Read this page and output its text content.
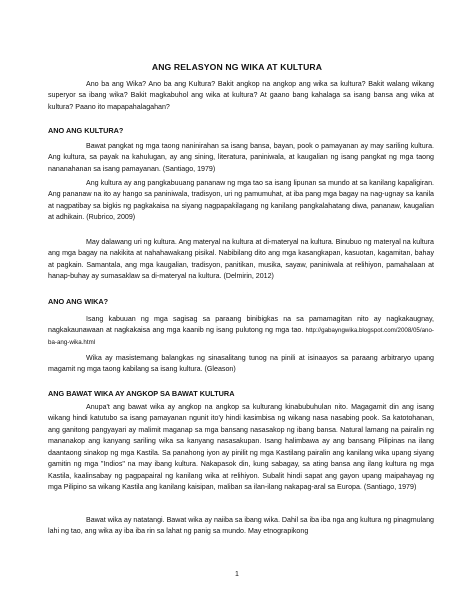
ANG RELASYON NG WIKA AT KULTURA

Ano ba ang Wika? Ano ba ang Kultura? Bakit angkop na angkop ang wika sa kultura? Bakit walang wikang superyor sa ibang wika? Bakit magkabuhol ang wika at kultura? At gaano bang kahalaga sa isang bansa ang wika at kultura? Paano ito mapapahalagahan?

ANO ANG KULTURA?

Bawat pangkat ng mga taong naninirahan sa isang bansa, bayan, pook o pamayanan ay may sariling kultura. Ang kultura, sa payak na kahulugan, ay ang sining, literatura, paniniwala, at kaugalian ng isang pangkat ng mga taong nananahanan sa isang pamayanan. (Santiago, 1979)

Ang kultura ay ang pangkabuuang pananaw ng mga tao sa isang lipunan sa mundo at sa kanilang kapaligiran. Ang pananaw na ito ay hango sa paniniwala, tradisyon, uri ng pamumuhat, at iba pang mga bagay na nag-ugnay sa kanila at nagpatibay sa bigkis ng pagkakaisa na siyang nagpapakilagang ng kanilang pangkalahatang diwa, pananaw, kaugalian at adhikain. (Rubrico, 2009)

May dalawang uri ng kultura. Ang materyal na kultura at di-materyal na kultura. Binubuo ng materyal na kultura ang mga bagay na nakikita at nahahawakang pisikal. Nabibilang dito ang mga kasangkapan, kasuotan, kagamitan, bahay at pagkain. Samantala, ang mga kaugalian, tradisyon, panitikan, musika, sayaw, paniniwala at relihiyon, pamahalaan at hanap-buhay ay sumasaklaw sa di-materyal na kultura. (Delmirin, 2012)

ANO ANG WIKA?

Isang kabuuan ng mga sagisag sa paraang binibigkas na sa pamamagitan nito ay nagkakaugnay, nagkakaunawaan at nagkakaisa ang mga kaanib ng isang pulutong ng mga tao. http://gabayngwika.blogspot.com/2008/05/ano-ba-ang-wika.html

Wika ay masistemang balangkas ng sinasalitang tunog na pinili at isinaayos sa paraang arbitraryo upang magamit ng mga taong kabilang sa isang kultura. (Gleason)

ANG BAWAT WIKA AY ANGKOP SA BAWAT KULTURA

Anupa't ang bawat wika ay angkop na angkop sa kulturang kinabubuhulan nito. Magagamit din ang isang wikang hindi katutubo sa isang pamayanan ngunit ito'y hindi kasimbisa ng wikang nasa nasabing pook. Sa katotohanan, ang ganitong pangyayari ay malimit maganap sa mga bansang nasasakop ng ibang bansa. Natural lamang na pairalin ng mananakop ang kanyang sariling wika sa kanyang nasasakupan. Isang halimbawa ay ang bansang Pilipinas na ilang daantaong sinakop ng mga Kastila. Sa panahong iyon ay pinilit ng mga Kastilang pairalin ang kanilang wika upang siyang gamitin ng mga "Indios" na may ibang kultura. Nakapasok din, kung sabagay, sa ating bansa ang ilang kultura ng mga Kastila, kaalinsabay ng pagpapairal ng kanilang wika at relihiyon. Subalit hindi sapat ang gayon upang maipahayag ng mga Pilipino sa wikang Kastila ang kanilang kaisipan, maliban sa ilan-ilang nakapag-aral sa Europa. (Santiago, 1979)

Bawat wika ay natatangi. Bawat wika ay naiiba sa ibang wika. Dahil sa iba iba nga ang kultura ng pinagmulang lahi ng tao, ang wika ay iba iba rin sa lahat ng panig sa mundo. May etnograpikong

1
